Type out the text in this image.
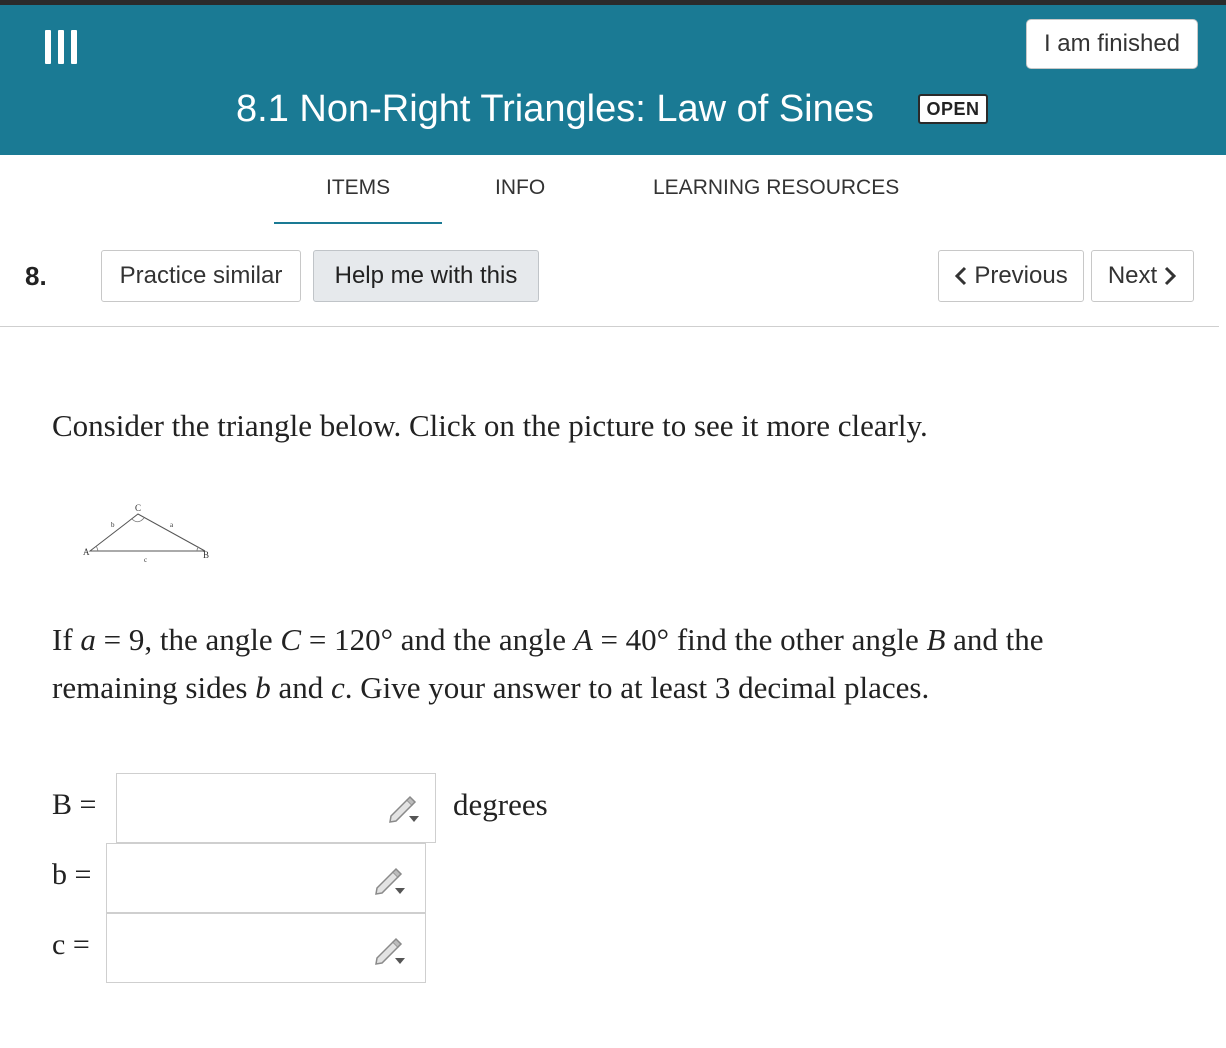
I am finished
8.1 Non-Right Triangles: Law of Sines	OPEN
ITEMS	INFO	LEARNING RESOURCES
8.	Practice similar	Help me with this	Previous Next
Consider the triangle below. Click on the picture to see it more clearly.
C
A	B
a
b
c
If a = 9, the angle C = 120° and the angle A = 40° find the other angle B and the remaining sides b and c. Give your answer to at least 3 decimal places.
B =	degrees
b =
c =
